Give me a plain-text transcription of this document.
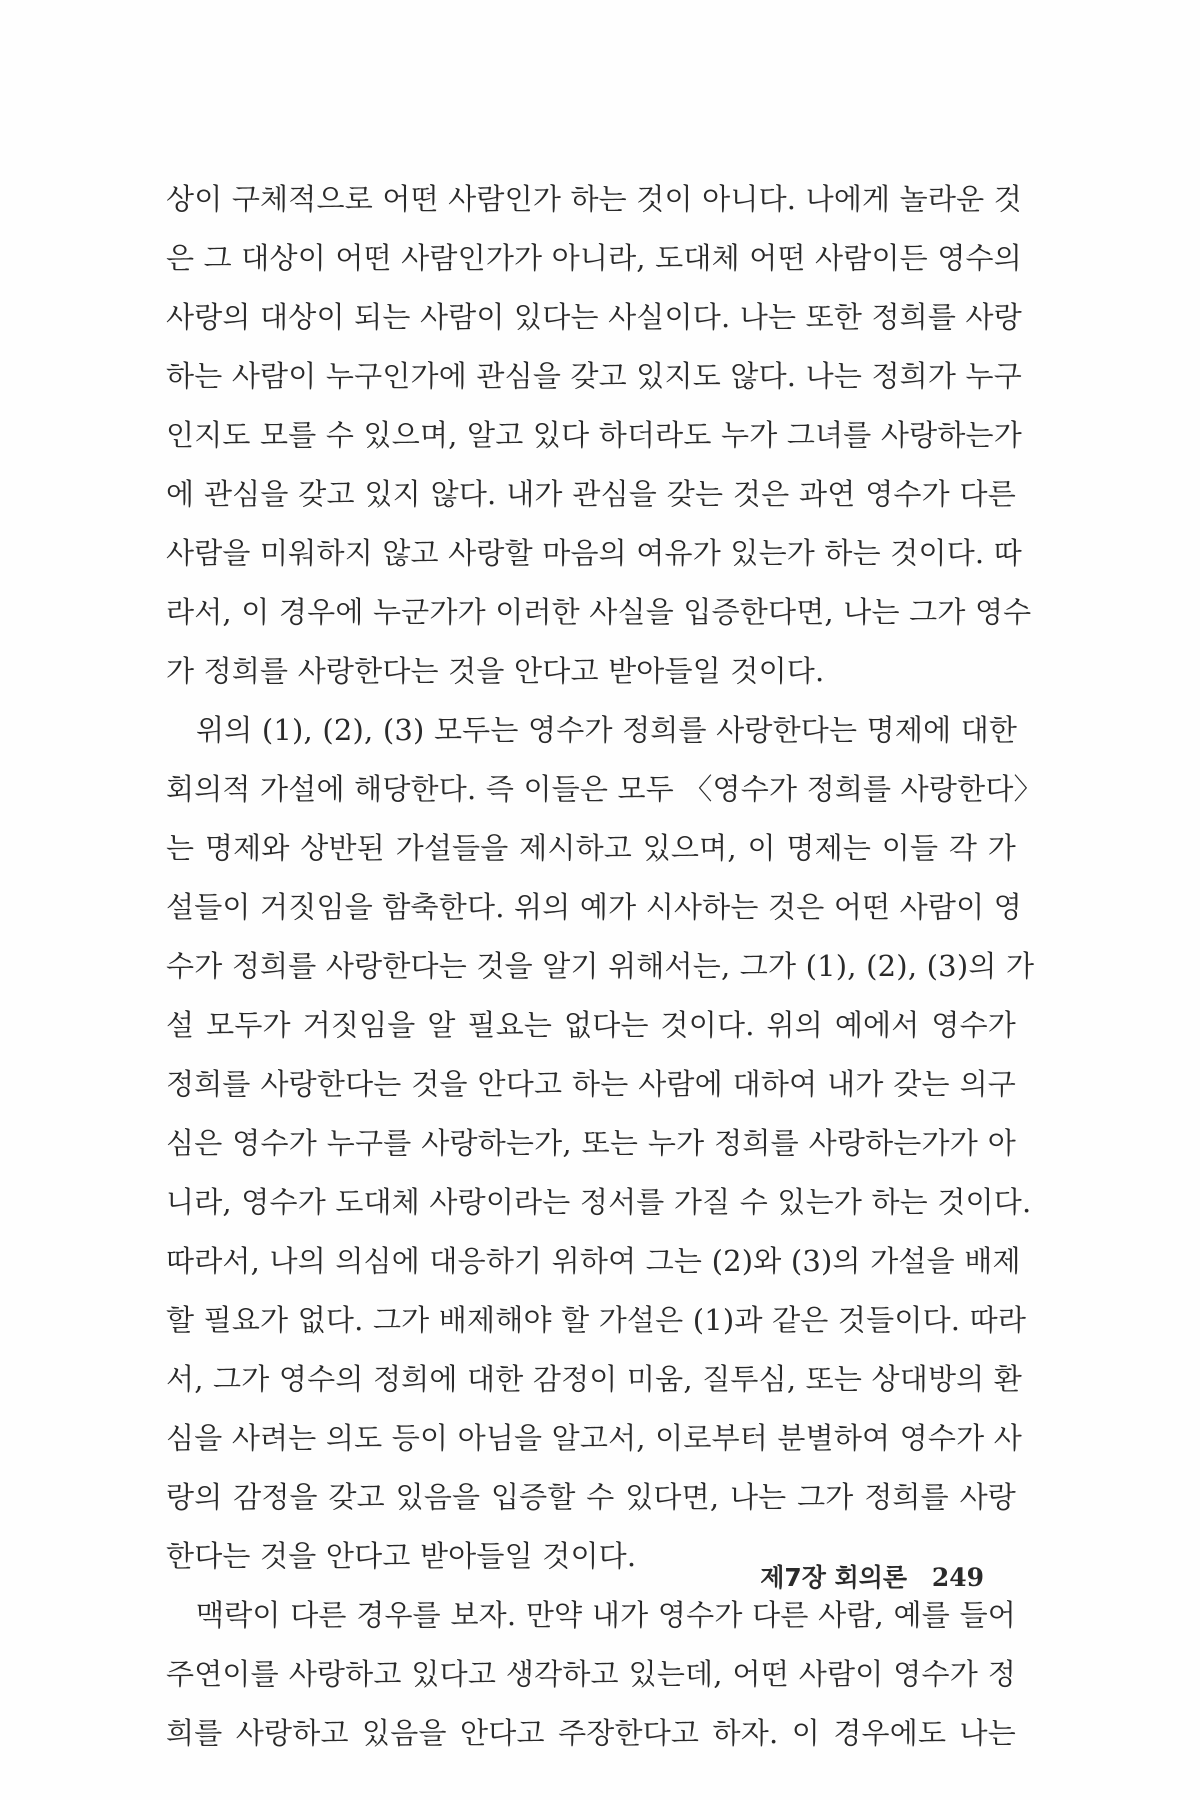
상이 구체적으로 어떤 사람인가 하는 것이 아니다. 나에게 놀라운 것
은 그 대상이 어떤 사람인가가 아니라, 도대체 어떤 사람이든 영수의
사랑의 대상이 되는 사람이 있다는 사실이다. 나는 또한 정희를 사랑
하는 사람이 누구인가에 관심을 갖고 있지도 않다. 나는 정희가 누구
인지도 모를 수 있으며, 알고 있다 하더라도 누가 그녀를 사랑하는가
에 관심을 갖고 있지 않다. 내가 관심을 갖는 것은 과연 영수가 다른
사람을 미워하지 않고 사랑할 마음의 여유가 있는가 하는 것이다. 따
라서, 이 경우에 누군가가 이러한 사실을 입증한다면, 나는 그가 영수
가 정희를 사랑한다는 것을 안다고 받아들일 것이다.
위의 (1), (2), (3) 모두는 영수가 정희를 사랑한다는 명제에 대한
회의적 가설에 해당한다. 즉 이들은 모두 〈영수가 정희를 사랑한다〉
는 명제와 상반된 가설들을 제시하고 있으며, 이 명제는 이들 각 가
설들이 거짓임을 함축한다. 위의 예가 시사하는 것은 어떤 사람이 영
수가 정희를 사랑한다는 것을 알기 위해서는, 그가 (1), (2), (3)의 가
설 모두가 거짓임을 알 필요는 없다는 것이다. 위의 예에서 영수가
정희를 사랑한다는 것을 안다고 하는 사람에 대하여 내가 갖는 의구
심은 영수가 누구를 사랑하는가, 또는 누가 정희를 사랑하는가가 아
니라, 영수가 도대체 사랑이라는 정서를 가질 수 있는가 하는 것이다.
따라서, 나의 의심에 대응하기 위하여 그는 (2)와 (3)의 가설을 배제
할 필요가 없다. 그가 배제해야 할 가설은 (1)과 같은 것들이다. 따라
서, 그가 영수의 정희에 대한 감정이 미움, 질투심, 또는 상대방의 환
심을 사려는 의도 등이 아님을 알고서, 이로부터 분별하여 영수가 사
랑의 감정을 갖고 있음을 입증할 수 있다면, 나는 그가 정희를 사랑
한다는 것을 안다고 받아들일 것이다.
맥락이 다른 경우를 보자. 만약 내가 영수가 다른 사람, 예를 들어
주연이를 사랑하고 있다고 생각하고 있는데, 어떤 사람이 영수가 정
희를 사랑하고 있음을 안다고 주장한다고 하자. 이 경우에도 나는
제7장 회의론 249
